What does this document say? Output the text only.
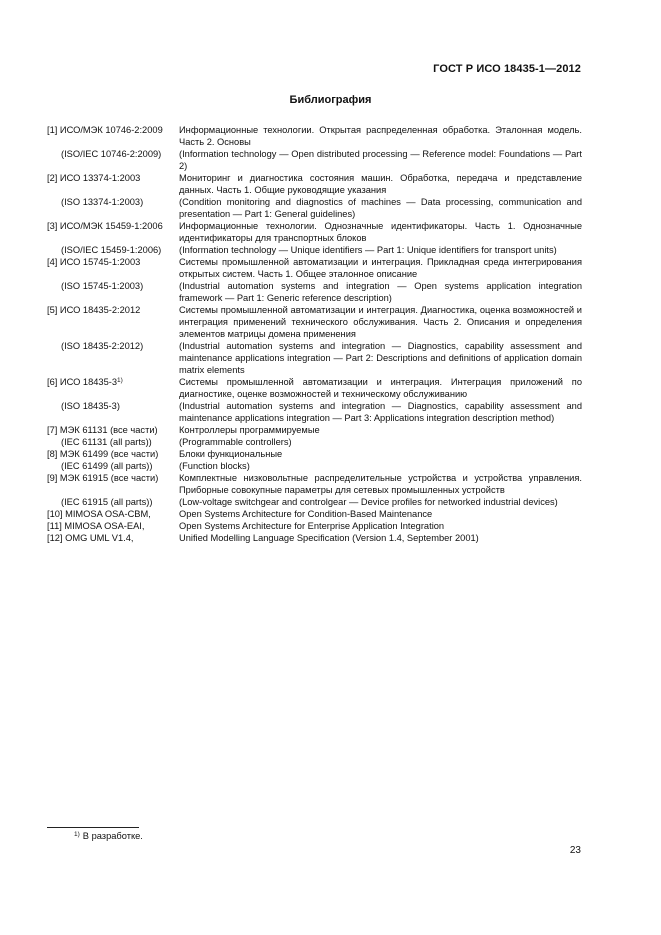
ГОСТ Р ИСО 18435-1—2012
Библиография
[1] ИСО/МЭК 10746-2:2009	Информационные технологии. Открытая распределенная обработка. Эталонная модель. Часть 2. Основы
(ISO/IEC 10746-2:2009)	(Information technology — Open distributed processing — Reference model: Foundations — Part 2)
[2] ИСО 13374-1:2003	Мониторинг и диагностика состояния машин. Обработка, передача и представление данных. Часть 1. Общие руководящие указания
(ISO 13374-1:2003)	(Condition monitoring and diagnostics of machines — Data processing, communication and presentation — Part 1: General guidelines)
[3] ИСО/МЭК 15459-1:2006	Информационные технологии. Однозначные идентификаторы. Часть 1. Однозначные идентификаторы для транспортных блоков
(ISO/IEC 15459-1:2006)	(Information technology — Unique identifiers — Part 1: Unique identifiers for transport units)
[4] ИСО 15745-1:2003	Системы промышленной автоматизации и интеграция. Прикладная среда интегрирования открытых систем. Часть 1. Общее эталонное описание
(ISO 15745-1:2003)	(Industrial automation systems and integration — Open systems application integration framework — Part 1: Generic reference description)
[5] ИСО 18435-2:2012	Системы промышленной автоматизации и интеграция. Диагностика, оценка возможностей и интеграция применений технического обслуживания. Часть 2. Описания и определения элементов матрицы домена применения
(ISO 18435-2:2012)	(Industrial automation systems and integration — Diagnostics, capability assessment and maintenance applications integration — Part 2: Descriptions and definitions of application domain matrix elements
[6] ИСО 18435-3$^{1)}$	Системы промышленной автоматизации и интеграция. Интеграция приложений по диагностике, оценке возможностей и техническому обслуживанию
(ISO 18435-3)	(Industrial automation systems and integration — Diagnostics, capability assessment and maintenance applications integration — Part 3: Applications integration description method)
[7] МЭК 61131 (все части)	Контроллеры программируемые
(IEC 61131 (all parts))	(Programmable controllers)
[8] МЭК 61499 (все части)	Блоки функциональные
(IEC 61499 (all parts))	(Function blocks)
[9] МЭК 61915 (все части)	Комплектные низковольтные распределительные устройства и устройства управления. Приборные совокупные параметры для сетевых промышленных устройств
(IEC 61915 (all parts))	(Low-voltage switchgear and controlgear — Device profiles for networked industrial devices)
[10] MIMOSA OSA-CBM,	Open Systems Architecture for Condition-Based Maintenance
[11] MIMOSA OSA-EAI,	Open Systems Architecture for Enterprise Application Integration
[12] OMG UML V1.4,	Unified Modelling Language Specification (Version 1.4, September 2001)
$^{1)}$ В разработке.
23
